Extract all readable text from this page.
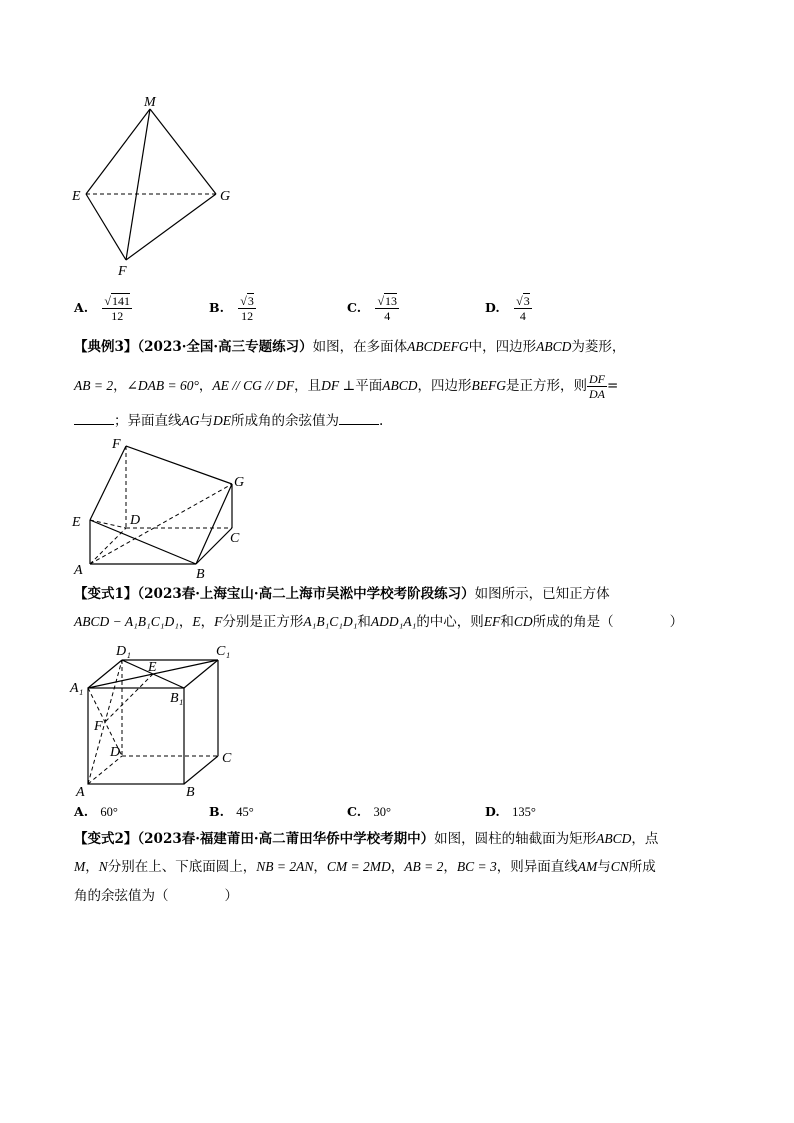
M
E	G
F
A. $\frac{√141}{12}$	B. $\frac{√3}{12}$	C. $\frac{√13}{4}$	D. $\frac{√3}{4}$
【典例3】（2023·全国·高三专题练习）如图，在多面体ABCDEFG中，四边形ABCD为菱形，
AB = 2，∠DAB = 60°，AE // CG // DF，且DF ⊥平面ABCD，四边形BEFG是正方形，则 $\frac{DF}{DA}$ =
；异面直线AG与DE所成角的余弦值为	.
F
G
D
E
C
A	B
【变式1】（2023春·上海宝山·高二上海市吴淞中学校考阶段练习）如图所示，已知正方体
ABCD − A₁B₁C₁D₁，E，F分别是正方形A₁B₁C₁D₁和ADD₁A₁的中心，则EF和CD所成的角是（	）
D₁
E
C₁
A₁
B₁
F
D	C
A	B
A. 60°	B. 45°	C. 30°	D. 135°
【变式2】（2023春·福建莆田·高二莆田华侨中学校考期中）如图，圆柱的轴截面为矩形ABCD，点
M，N分别在上、下底面圆上，NB = 2AN，CM = 2MD，AB = 2，BC = 3，则异面直线AM与CN所成
角的余弦值为（	）
